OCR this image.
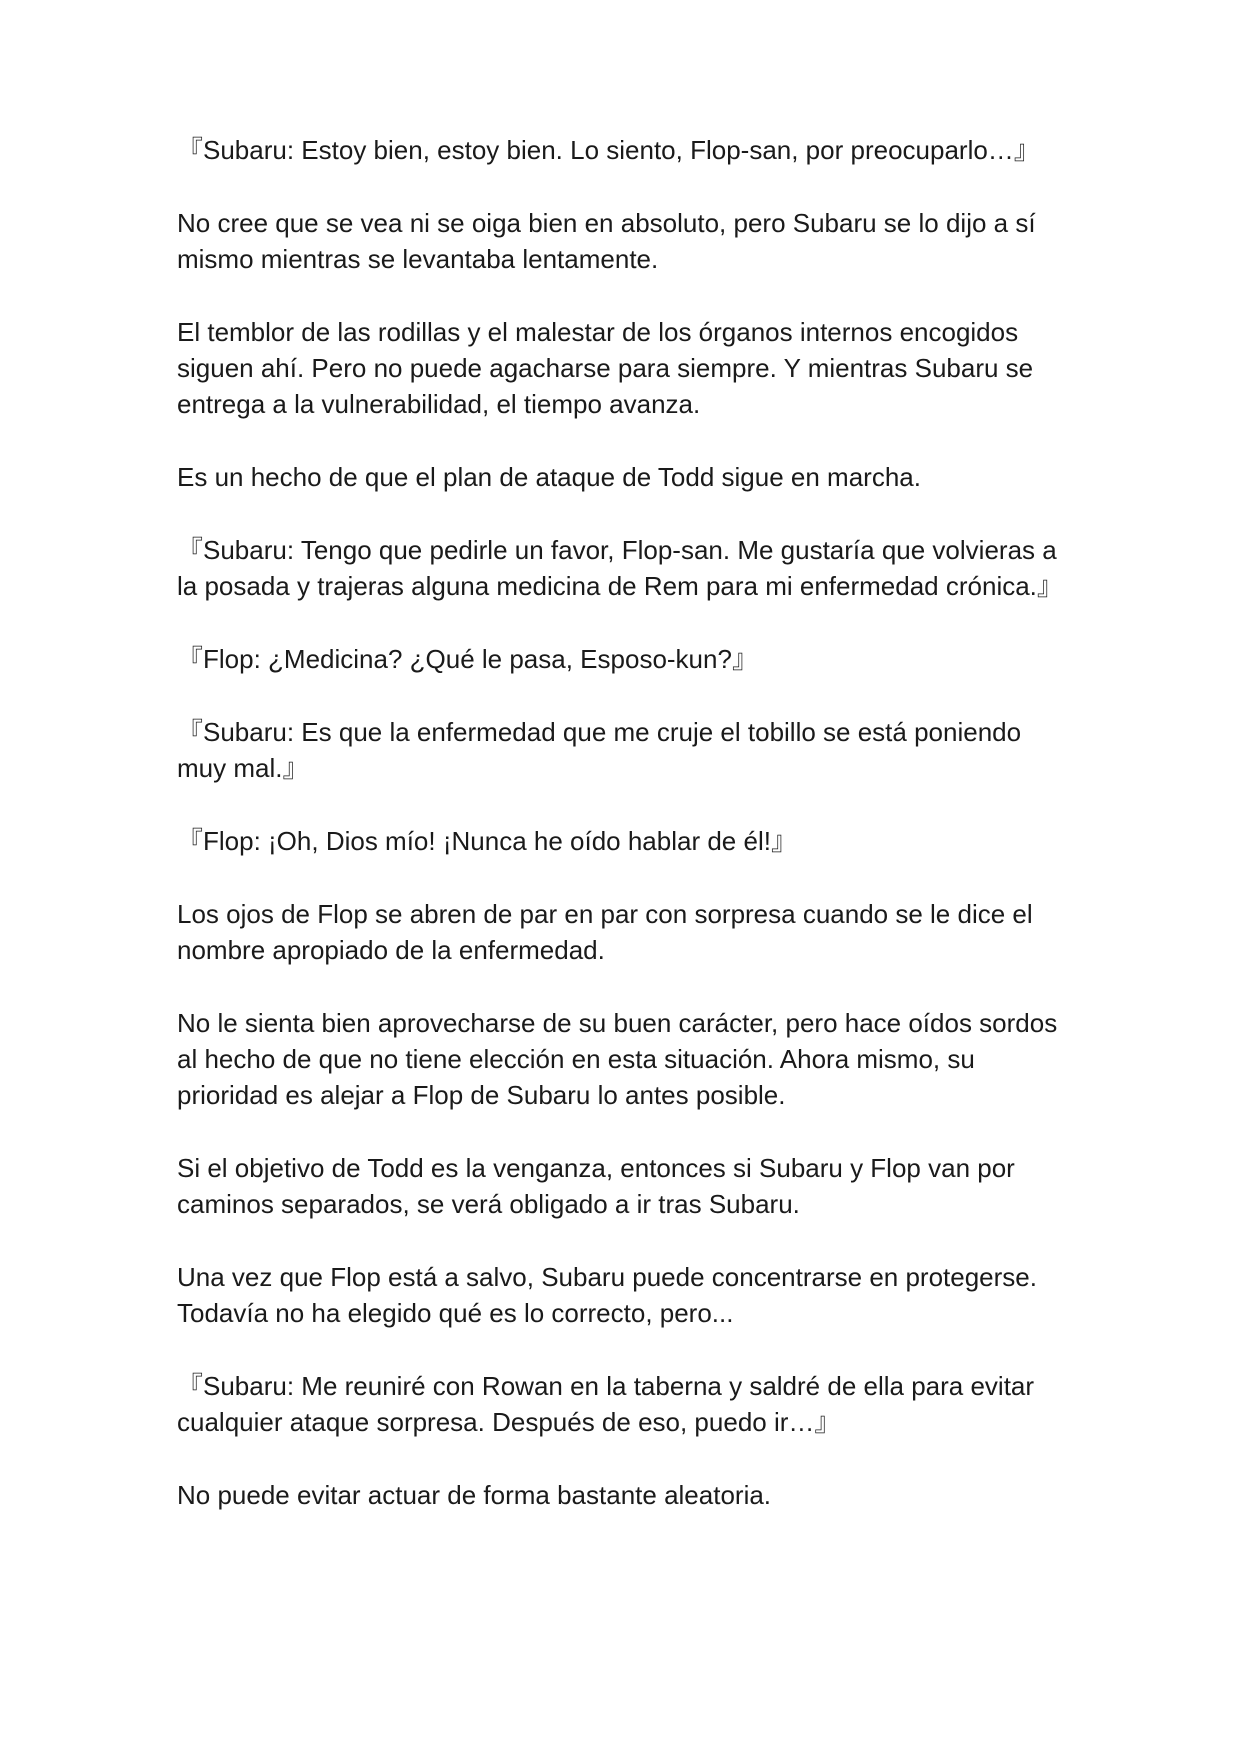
『Subaru: Estoy bien, estoy bien. Lo siento, Flop-san, por preocuparlo…』

No cree que se vea ni se oiga bien en absoluto, pero Subaru se lo dijo a sí mismo mientras se levantaba lentamente.

El temblor de las rodillas y el malestar de los órganos internos encogidos siguen ahí. Pero no puede agacharse para siempre. Y mientras Subaru se entrega a la vulnerabilidad, el tiempo avanza.

Es un hecho de que el plan de ataque de Todd sigue en marcha.

『Subaru: Tengo que pedirle un favor, Flop-san. Me gustaría que volvieras a la posada y trajeras alguna medicina de Rem para mi enfermedad crónica.』

『Flop: ¿Medicina? ¿Qué le pasa, Esposo-kun?』

『Subaru: Es que la enfermedad que me cruje el tobillo se está poniendo muy mal.』

『Flop: ¡Oh, Dios mío! ¡Nunca he oído hablar de él!』

Los ojos de Flop se abren de par en par con sorpresa cuando se le dice el nombre apropiado de la enfermedad.

No le sienta bien aprovecharse de su buen carácter, pero hace oídos sordos al hecho de que no tiene elección en esta situación. Ahora mismo, su prioridad es alejar a Flop de Subaru lo antes posible.

Si el objetivo de Todd es la venganza, entonces si Subaru y Flop van por caminos separados, se verá obligado a ir tras Subaru.

Una vez que Flop está a salvo, Subaru puede concentrarse en protegerse. Todavía no ha elegido qué es lo correcto, pero...

『Subaru: Me reuniré con Rowan en la taberna y saldré de ella para evitar cualquier ataque sorpresa. Después de eso, puedo ir…』

No puede evitar actuar de forma bastante aleatoria.
